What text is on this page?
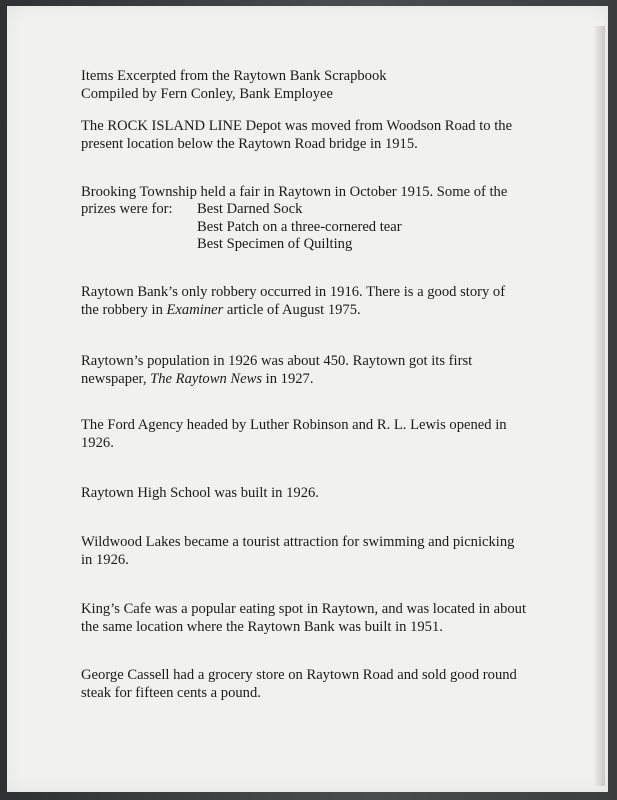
Items Excerpted from the Raytown Bank Scrapbook
Compiled by Fern Conley, Bank Employee
The ROCK ISLAND LINE Depot was moved from Woodson Road to the
present location below the Raytown Road bridge in 1915.
Brooking Township held a fair in Raytown in October 1915. Some of the
prizes were for: Best Darned Sock
Best Patch on a three-cornered tear
Best Specimen of Quilting
Raytown Bank’s only robbery occurred in 1916. There is a good story of
the robbery in Examiner article of August 1975.
Raytown’s population in 1926 was about 450. Raytown got its first
newspaper, The Raytown News in 1927.
The Ford Agency headed by Luther Robinson and R. L. Lewis opened in
1926.
Raytown High School was built in 1926.
Wildwood Lakes became a tourist attraction for swimming and picnicking
in 1926.
King’s Cafe was a popular eating spot in Raytown, and was located in about
the same location where the Raytown Bank was built in 1951.
George Cassell had a grocery store on Raytown Road and sold good round
steak for fifteen cents a pound.
